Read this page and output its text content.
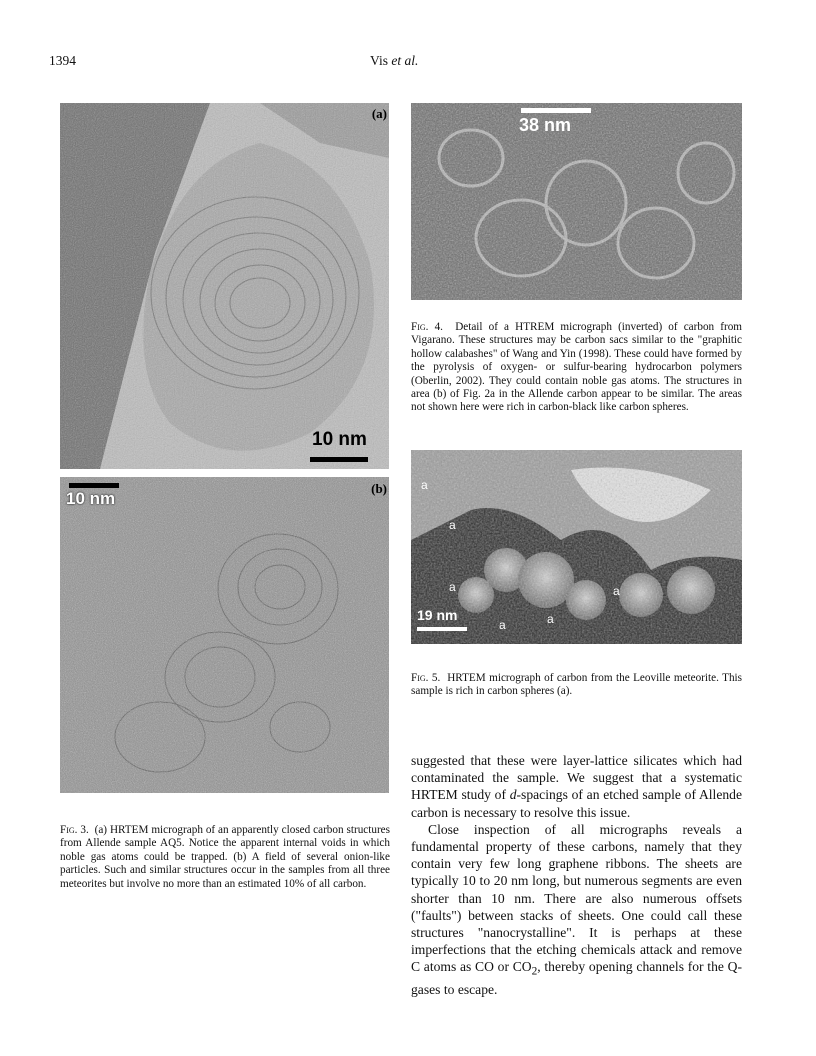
1394	Vis et al.
(a)
10 nm
10 nm
(b)
Fig. 3. (a) HRTEM micrograph of an apparently closed carbon structures from Allende sample AQ5. Notice the apparent internal voids in which noble gas atoms could be trapped. (b) A field of several onion-like particles. Such and similar structures occur in the samples from all three meteorites but involve no more than an estimated 10% of all carbon.
38 nm
Fig. 4. Detail of a HTREM micrograph (inverted) of carbon from Vigarano. These structures may be carbon sacs similar to the "graphitic hollow calabashes" of Wang and Yin (1998). These could have formed by the pyrolysis of oxygen- or sulfur-bearing hydrocarbon polymers (Oberlin, 2002). They could contain noble gas atoms. The structures in area (b) of Fig. 2a in the Allende carbon appear to be similar. The areas not shown here were rich in carbon-black like carbon spheres.
19 nm
a
a
a
a	a
a
Fig. 5. HRTEM micrograph of carbon from the Leoville meteorite. This sample is rich in carbon spheres (a).

suggested that these were layer-lattice silicates which had contaminated the sample. We suggest that a systematic HRTEM study of d-spacings of an etched sample of Allende carbon is necessary to resolve this issue.

Close inspection of all micrographs reveals a fundamental property of these carbons, namely that they contain very few long graphene ribbons. The sheets are typically 10 to 20 nm long, but numerous segments are even shorter than 10 nm. There are also numerous offsets ("faults") between stacks of sheets. One could call these structures "nanocrystalline". It is perhaps at these imperfections that the etching chemicals attack and remove C atoms as CO or $CO_2$, thereby opening channels for the Q-gases to escape.
